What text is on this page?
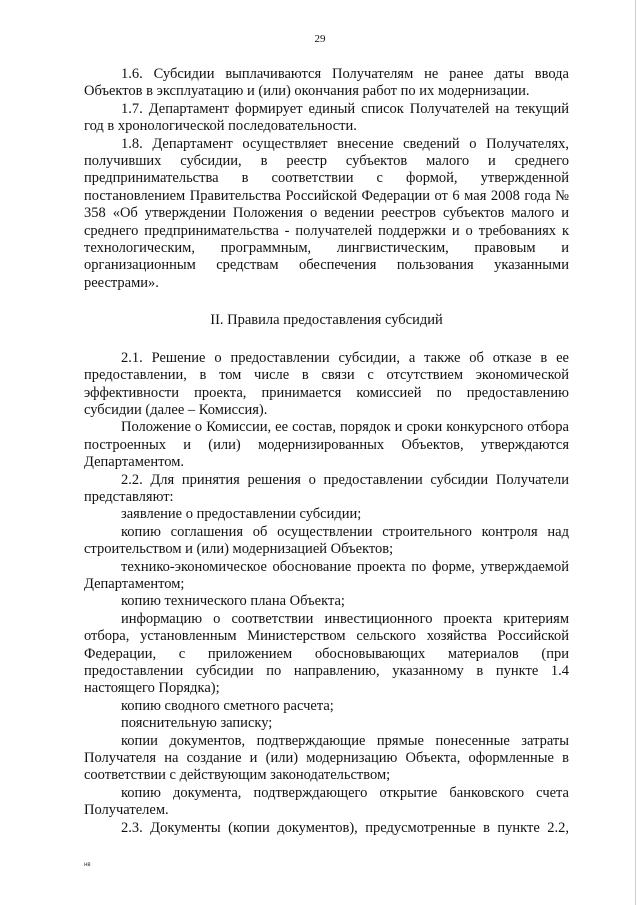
29

1.6. Субсидии выплачиваются Получателям не ранее даты ввода Объектов в эксплуатацию и (или) окончания работ по их модернизации.

1.7. Департамент формирует единый список Получателей на текущий год в хронологической последовательности.

1.8. Департамент осуществляет внесение сведений о Получателях, получивших субсидии, в реестр субъектов малого и среднего предпринимательства в соответствии с формой, утвержденной постановлением Правительства Российской Федерации от 6 мая 2008 года № 358 «Об утверждении Положения о ведении реестров субъектов малого и среднего предпринимательства - получателей поддержки и о требованиях к технологическим, программным, лингвистическим, правовым и организационным средствам обеспечения пользования указанными реестрами».

II. Правила предоставления субсидий

2.1. Решение о предоставлении субсидии, а также об отказе в ее предоставлении, в том числе в связи с отсутствием экономической эффективности проекта, принимается комиссией по предоставлению субсидии (далее – Комиссия).

Положение о Комиссии, ее состав, порядок и сроки конкурсного отбора построенных и (или) модернизированных Объектов, утверждаются Департаментом.

2.2. Для принятия решения о предоставлении субсидии Получатели представляют:

заявление о предоставлении субсидии;

копию соглашения об осуществлении строительного контроля над строительством и (или) модернизацией Объектов;

технико-экономическое обоснование проекта по форме, утверждаемой Департаментом;

копию технического плана Объекта;

информацию о соответствии инвестиционного проекта критериям отбора, установленным Министерством сельского хозяйства Российской Федерации, с приложением обосновывающих материалов (при предоставлении субсидии по направлению, указанному в пункте 1.4 настоящего Порядка);

копию сводного сметного расчета;

пояснительную записку;

копии документов, подтверждающие прямые понесенные затраты Получателя на создание и (или) модернизацию Объекта, оформленные в соответствии с действующим законодательством;

копию документа, подтверждающего открытие банковского счета Получателем.

2.3. Документы (копии документов), предусмотренные в пункте 2.2,

нв
